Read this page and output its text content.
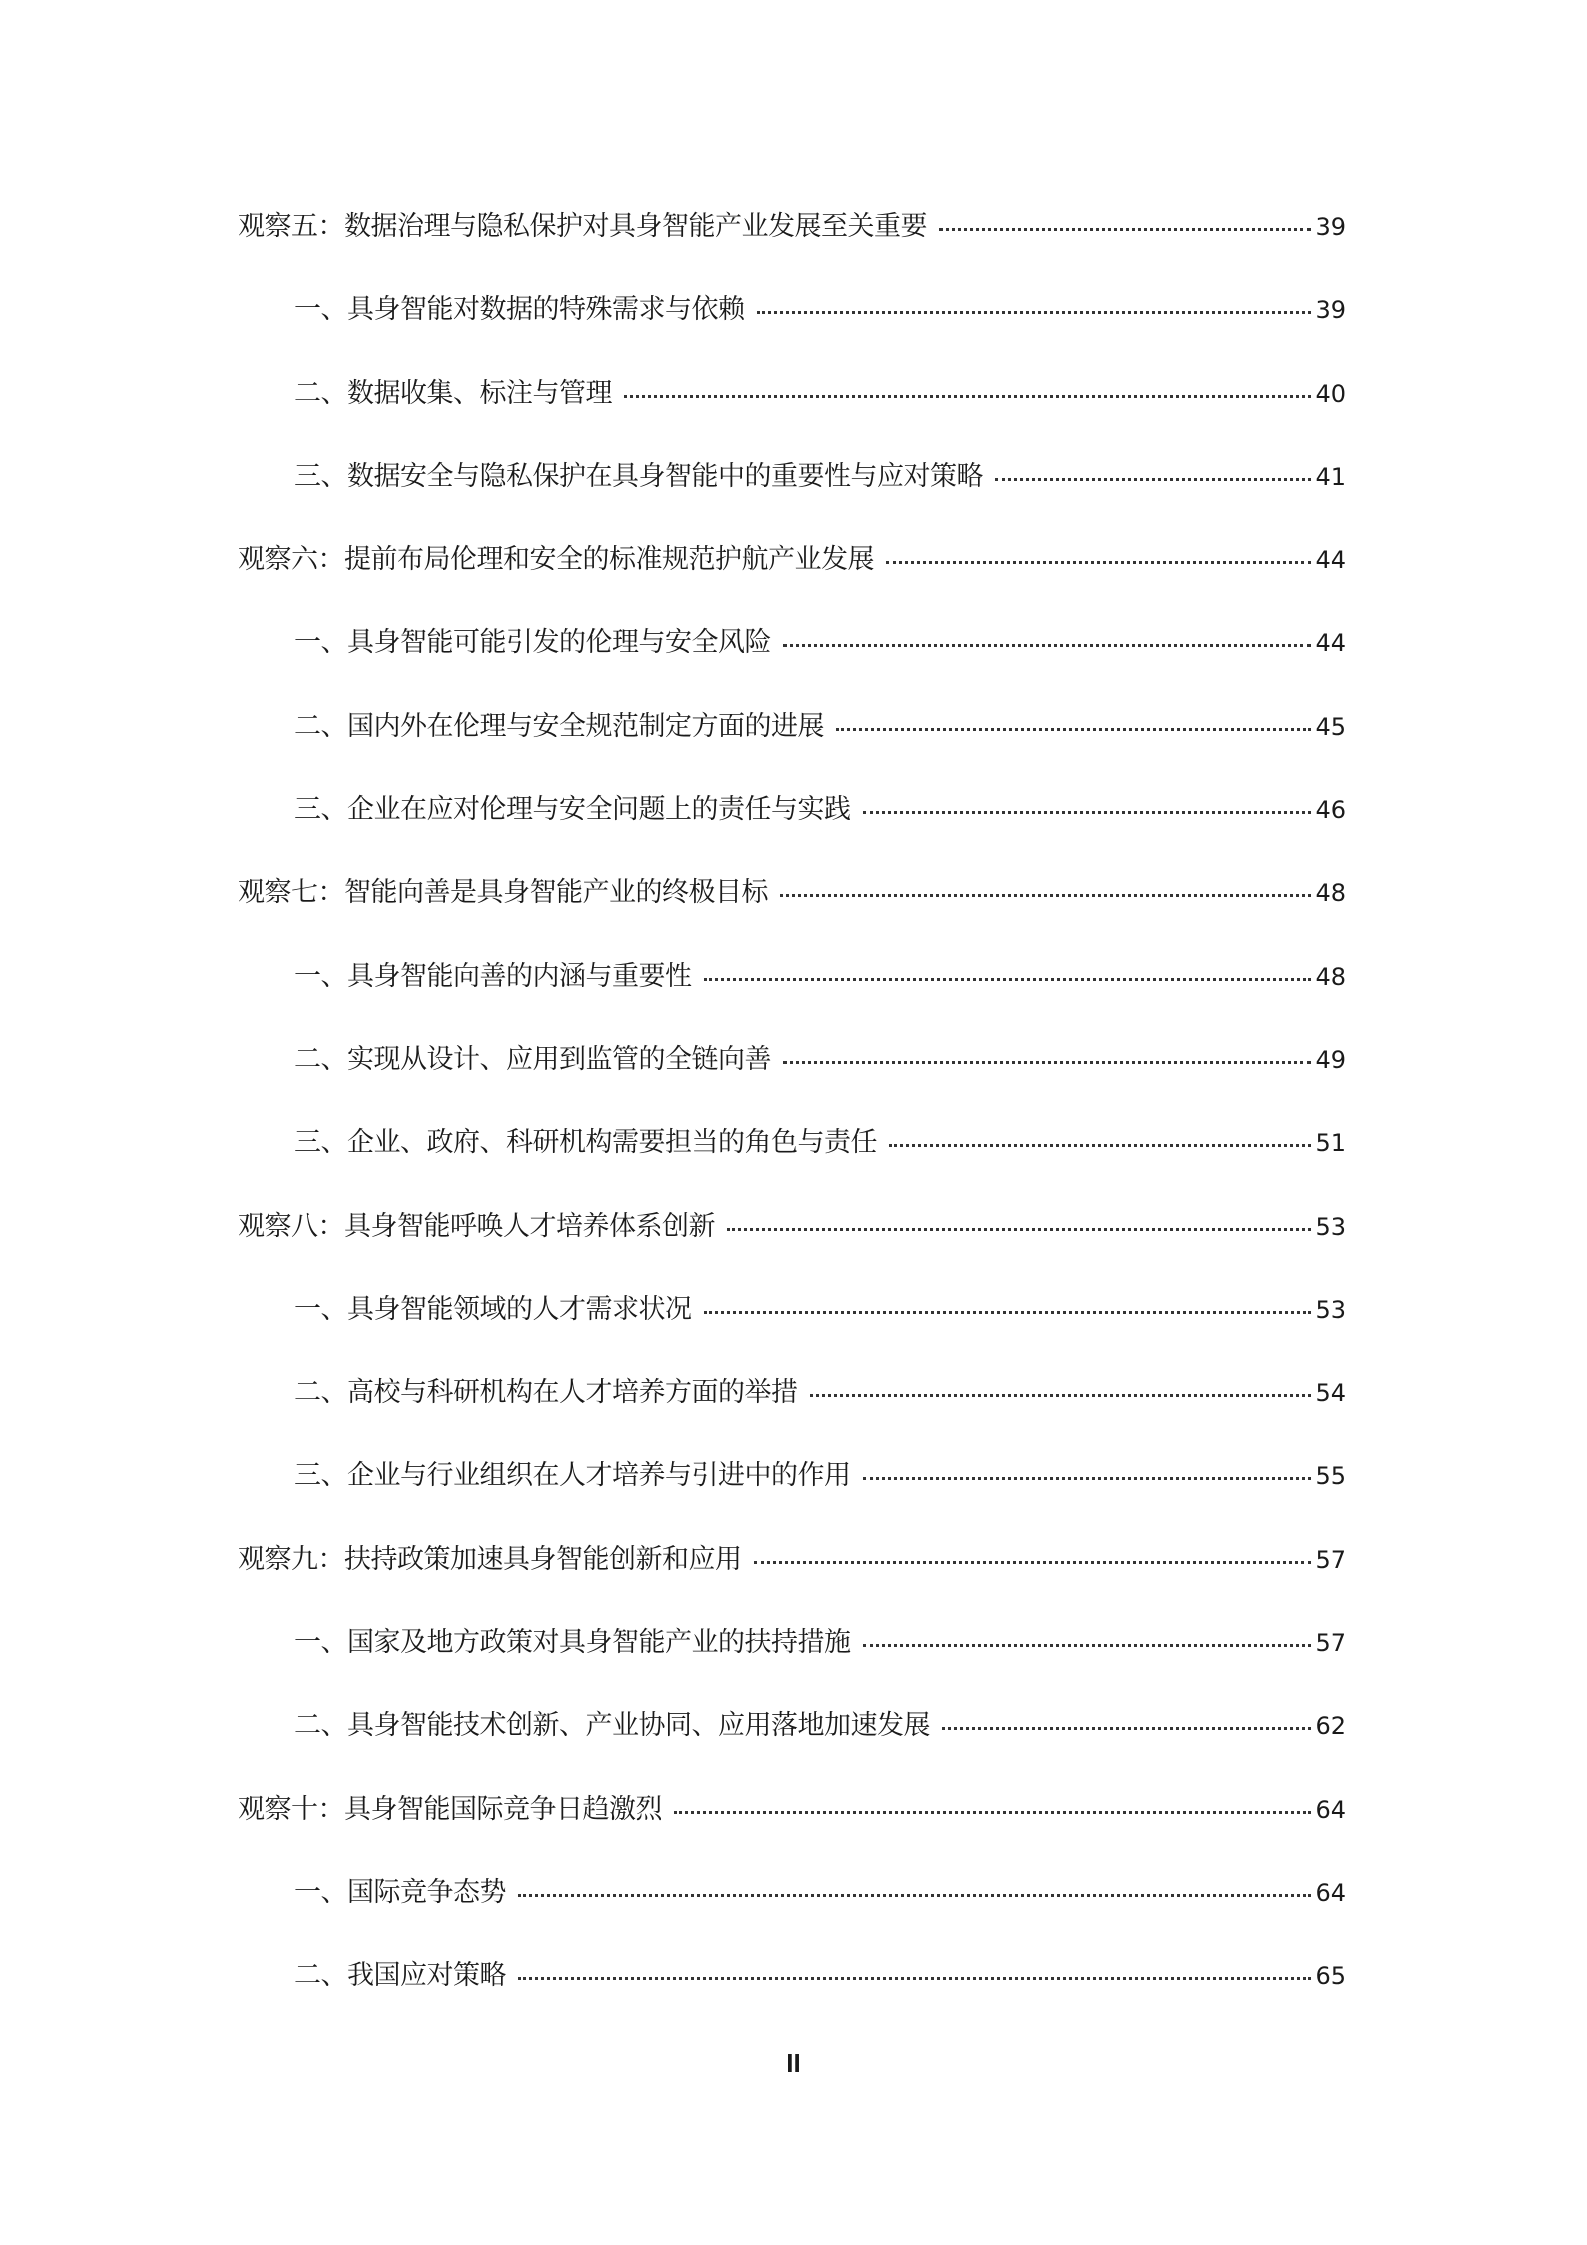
观察五：数据治理与隐私保护对具身智能产业发展至关重要	39
一、具身智能对数据的特殊需求与依赖	39
二、数据收集、标注与管理	40
三、数据安全与隐私保护在具身智能中的重要性与应对策略	41
观察六：提前布局伦理和安全的标准规范护航产业发展	44
一、具身智能可能引发的伦理与安全风险	44
二、国内外在伦理与安全规范制定方面的进展	45
三、企业在应对伦理与安全问题上的责任与实践	46
观察七：智能向善是具身智能产业的终极目标	48
一、具身智能向善的内涵与重要性	48
二、实现从设计、应用到监管的全链向善	49
三、企业、政府、科研机构需要担当的角色与责任	51
观察八：具身智能呼唤人才培养体系创新	53
一、具身智能领域的人才需求状况	53
二、高校与科研机构在人才培养方面的举措	54
三、企业与行业组织在人才培养与引进中的作用	55
观察九：扶持政策加速具身智能创新和应用	57
一、国家及地方政策对具身智能产业的扶持措施	57
二、具身智能技术创新、产业协同、应用落地加速发展	62
观察十：具身智能国际竞争日趋激烈	64
一、国际竞争态势	64
二、我国应对策略	65
II
